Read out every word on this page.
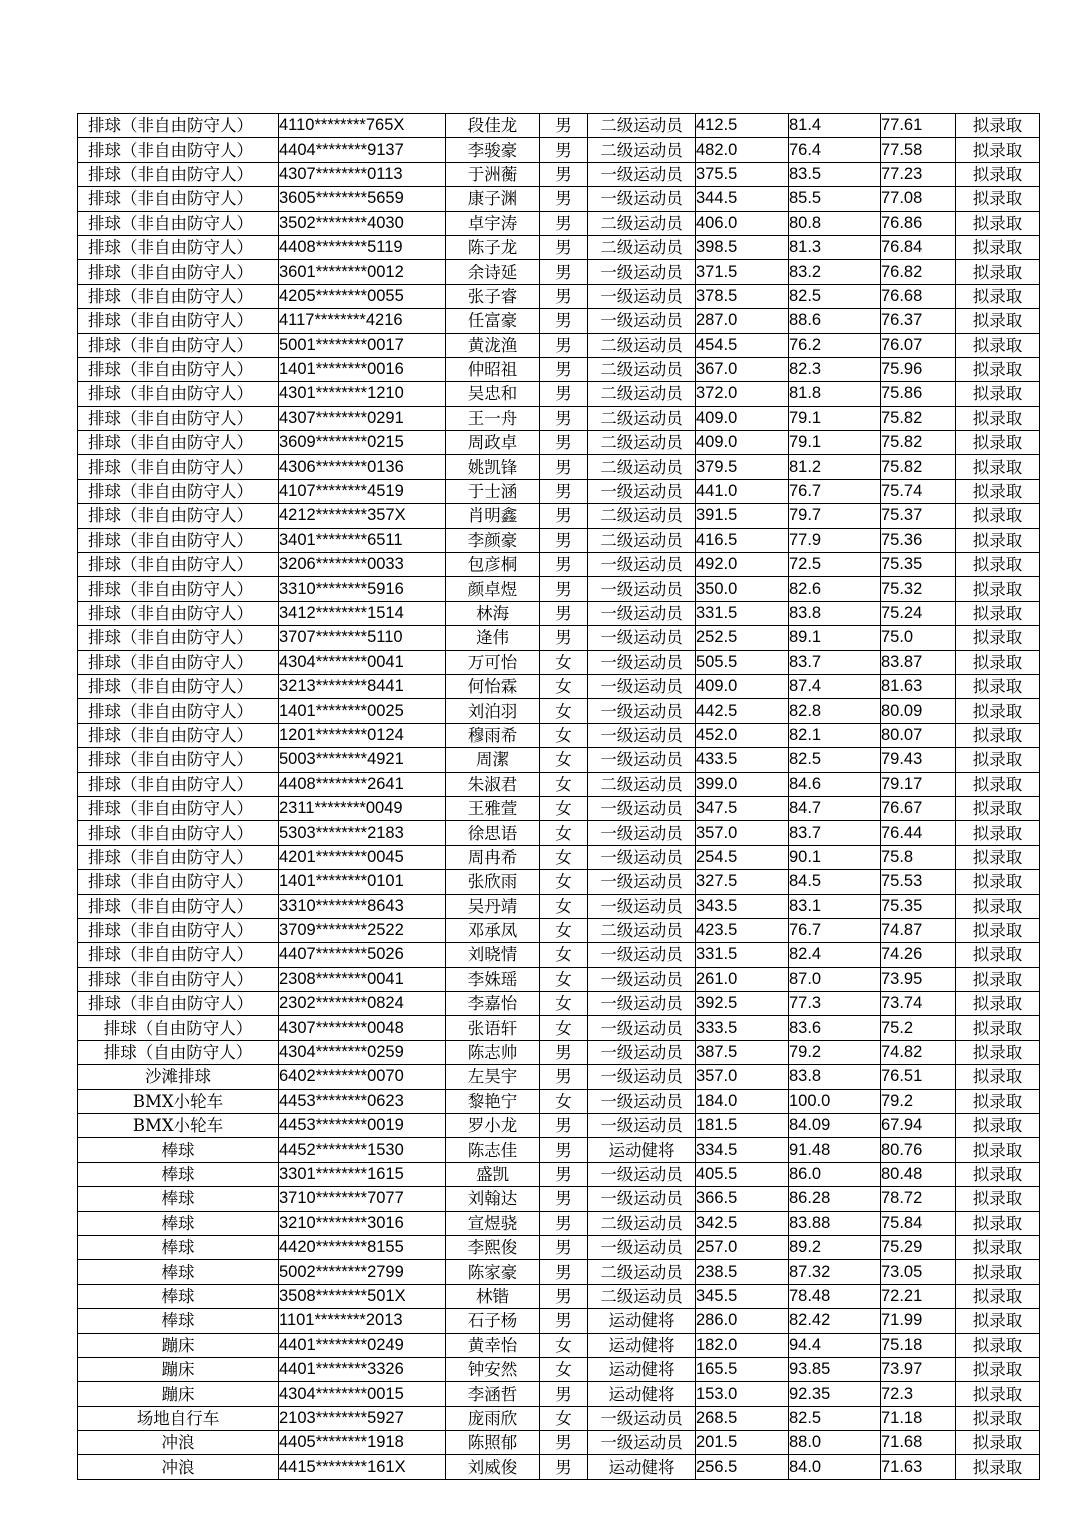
排球（非自由防守人）	4110********765X	段佳龙	男	二级运动员	412.5	81.4	77.61	拟录取
排球（非自由防守人）	4404********9137	李骏豪	男	二级运动员	482.0	76.4	77.58	拟录取
排球（非自由防守人）	4307********0113	于洲蘅	男	一级运动员	375.5	83.5	77.23	拟录取
排球（非自由防守人）	3605********5659	康子渊	男	一级运动员	344.5	85.5	77.08	拟录取
排球（非自由防守人）	3502********4030	卓宇涛	男	二级运动员	406.0	80.8	76.86	拟录取
排球（非自由防守人）	4408********5119	陈子龙	男	二级运动员	398.5	81.3	76.84	拟录取
排球（非自由防守人）	3601********0012	余诗延	男	一级运动员	371.5	83.2	76.82	拟录取
排球（非自由防守人）	4205********0055	张子睿	男	一级运动员	378.5	82.5	76.68	拟录取
排球（非自由防守人）	4117********4216	任富豪	男	一级运动员	287.0	88.6	76.37	拟录取
排球（非自由防守人）	5001********0017	黄泷渔	男	二级运动员	454.5	76.2	76.07	拟录取
排球（非自由防守人）	1401********0016	仲昭祖	男	二级运动员	367.0	82.3	75.96	拟录取
排球（非自由防守人）	4301********1210	吴忠和	男	二级运动员	372.0	81.8	75.86	拟录取
排球（非自由防守人）	4307********0291	王一舟	男	二级运动员	409.0	79.1	75.82	拟录取
排球（非自由防守人）	3609********0215	周政卓	男	二级运动员	409.0	79.1	75.82	拟录取
排球（非自由防守人）	4306********0136	姚凯锋	男	二级运动员	379.5	81.2	75.82	拟录取
排球（非自由防守人）	4107********4519	于士涵	男	一级运动员	441.0	76.7	75.74	拟录取
排球（非自由防守人）	4212********357X	肖明鑫	男	二级运动员	391.5	79.7	75.37	拟录取
排球（非自由防守人）	3401********6511	李颜豪	男	二级运动员	416.5	77.9	75.36	拟录取
排球（非自由防守人）	3206********0033	包彦桐	男	一级运动员	492.0	72.5	75.35	拟录取
排球（非自由防守人）	3310********5916	颜卓煜	男	一级运动员	350.0	82.6	75.32	拟录取
排球（非自由防守人）	3412********1514	林海	男	一级运动员	331.5	83.8	75.24	拟录取
排球（非自由防守人）	3707********5110	逄伟	男	一级运动员	252.5	89.1	75.0	拟录取
排球（非自由防守人）	4304********0041	万可怡	女	一级运动员	505.5	83.7	83.87	拟录取
排球（非自由防守人）	3213********8441	何怡霖	女	一级运动员	409.0	87.4	81.63	拟录取
排球（非自由防守人）	1401********0025	刘泊羽	女	一级运动员	442.5	82.8	80.09	拟录取
排球（非自由防守人）	1201********0124	穆雨希	女	一级运动员	452.0	82.1	80.07	拟录取
排球（非自由防守人）	5003********4921	周潔	女	一级运动员	433.5	82.5	79.43	拟录取
排球（非自由防守人）	4408********2641	朱淑君	女	二级运动员	399.0	84.6	79.17	拟录取
排球（非自由防守人）	2311********0049	王雅萱	女	一级运动员	347.5	84.7	76.67	拟录取
排球（非自由防守人）	5303********2183	徐思语	女	一级运动员	357.0	83.7	76.44	拟录取
排球（非自由防守人）	4201********0045	周冉希	女	一级运动员	254.5	90.1	75.8	拟录取
排球（非自由防守人）	1401********0101	张欣雨	女	一级运动员	327.5	84.5	75.53	拟录取
排球（非自由防守人）	3310********8643	吴丹靖	女	一级运动员	343.5	83.1	75.35	拟录取
排球（非自由防守人）	3709********2522	邓承凤	女	二级运动员	423.5	76.7	74.87	拟录取
排球（非自由防守人）	4407********5026	刘晓情	女	一级运动员	331.5	82.4	74.26	拟录取
排球（非自由防守人）	2308********0041	李姝瑶	女	一级运动员	261.0	87.0	73.95	拟录取
排球（非自由防守人）	2302********0824	李嘉怡	女	一级运动员	392.5	77.3	73.74	拟录取
排球（自由防守人）	4307********0048	张语轩	女	一级运动员	333.5	83.6	75.2	拟录取
排球（自由防守人）	4304********0259	陈志帅	男	一级运动员	387.5	79.2	74.82	拟录取
沙滩排球	6402********0070	左昊宇	男	一级运动员	357.0	83.8	76.51	拟录取
BMX小轮车	4453********0623	黎艳宁	女	一级运动员	184.0	100.0	79.2	拟录取
BMX小轮车	4453********0019	罗小龙	男	一级运动员	181.5	84.09	67.94	拟录取
棒球	4452********1530	陈志佳	男	运动健将	334.5	91.48	80.76	拟录取
棒球	3301********1615	盛凯	男	一级运动员	405.5	86.0	80.48	拟录取
棒球	3710********7077	刘翰达	男	一级运动员	366.5	86.28	78.72	拟录取
棒球	3210********3016	宣煜骁	男	二级运动员	342.5	83.88	75.84	拟录取
棒球	4420********8155	李熙俊	男	一级运动员	257.0	89.2	75.29	拟录取
棒球	5002********2799	陈家豪	男	二级运动员	238.5	87.32	73.05	拟录取
棒球	3508********501X	林锴	男	二级运动员	345.5	78.48	72.21	拟录取
棒球	1101********2013	石子杨	男	运动健将	286.0	82.42	71.99	拟录取
蹦床	4401********0249	黄幸怡	女	运动健将	182.0	94.4	75.18	拟录取
蹦床	4401********3326	钟安然	女	运动健将	165.5	93.85	73.97	拟录取
蹦床	4304********0015	李涵哲	男	运动健将	153.0	92.35	72.3	拟录取
场地自行车	2103********5927	庞雨欣	女	一级运动员	268.5	82.5	71.18	拟录取
冲浪	4405********1918	陈照郁	男	一级运动员	201.5	88.0	71.68	拟录取
冲浪	4415********161X	刘威俊	男	运动健将	256.5	84.0	71.63	拟录取
